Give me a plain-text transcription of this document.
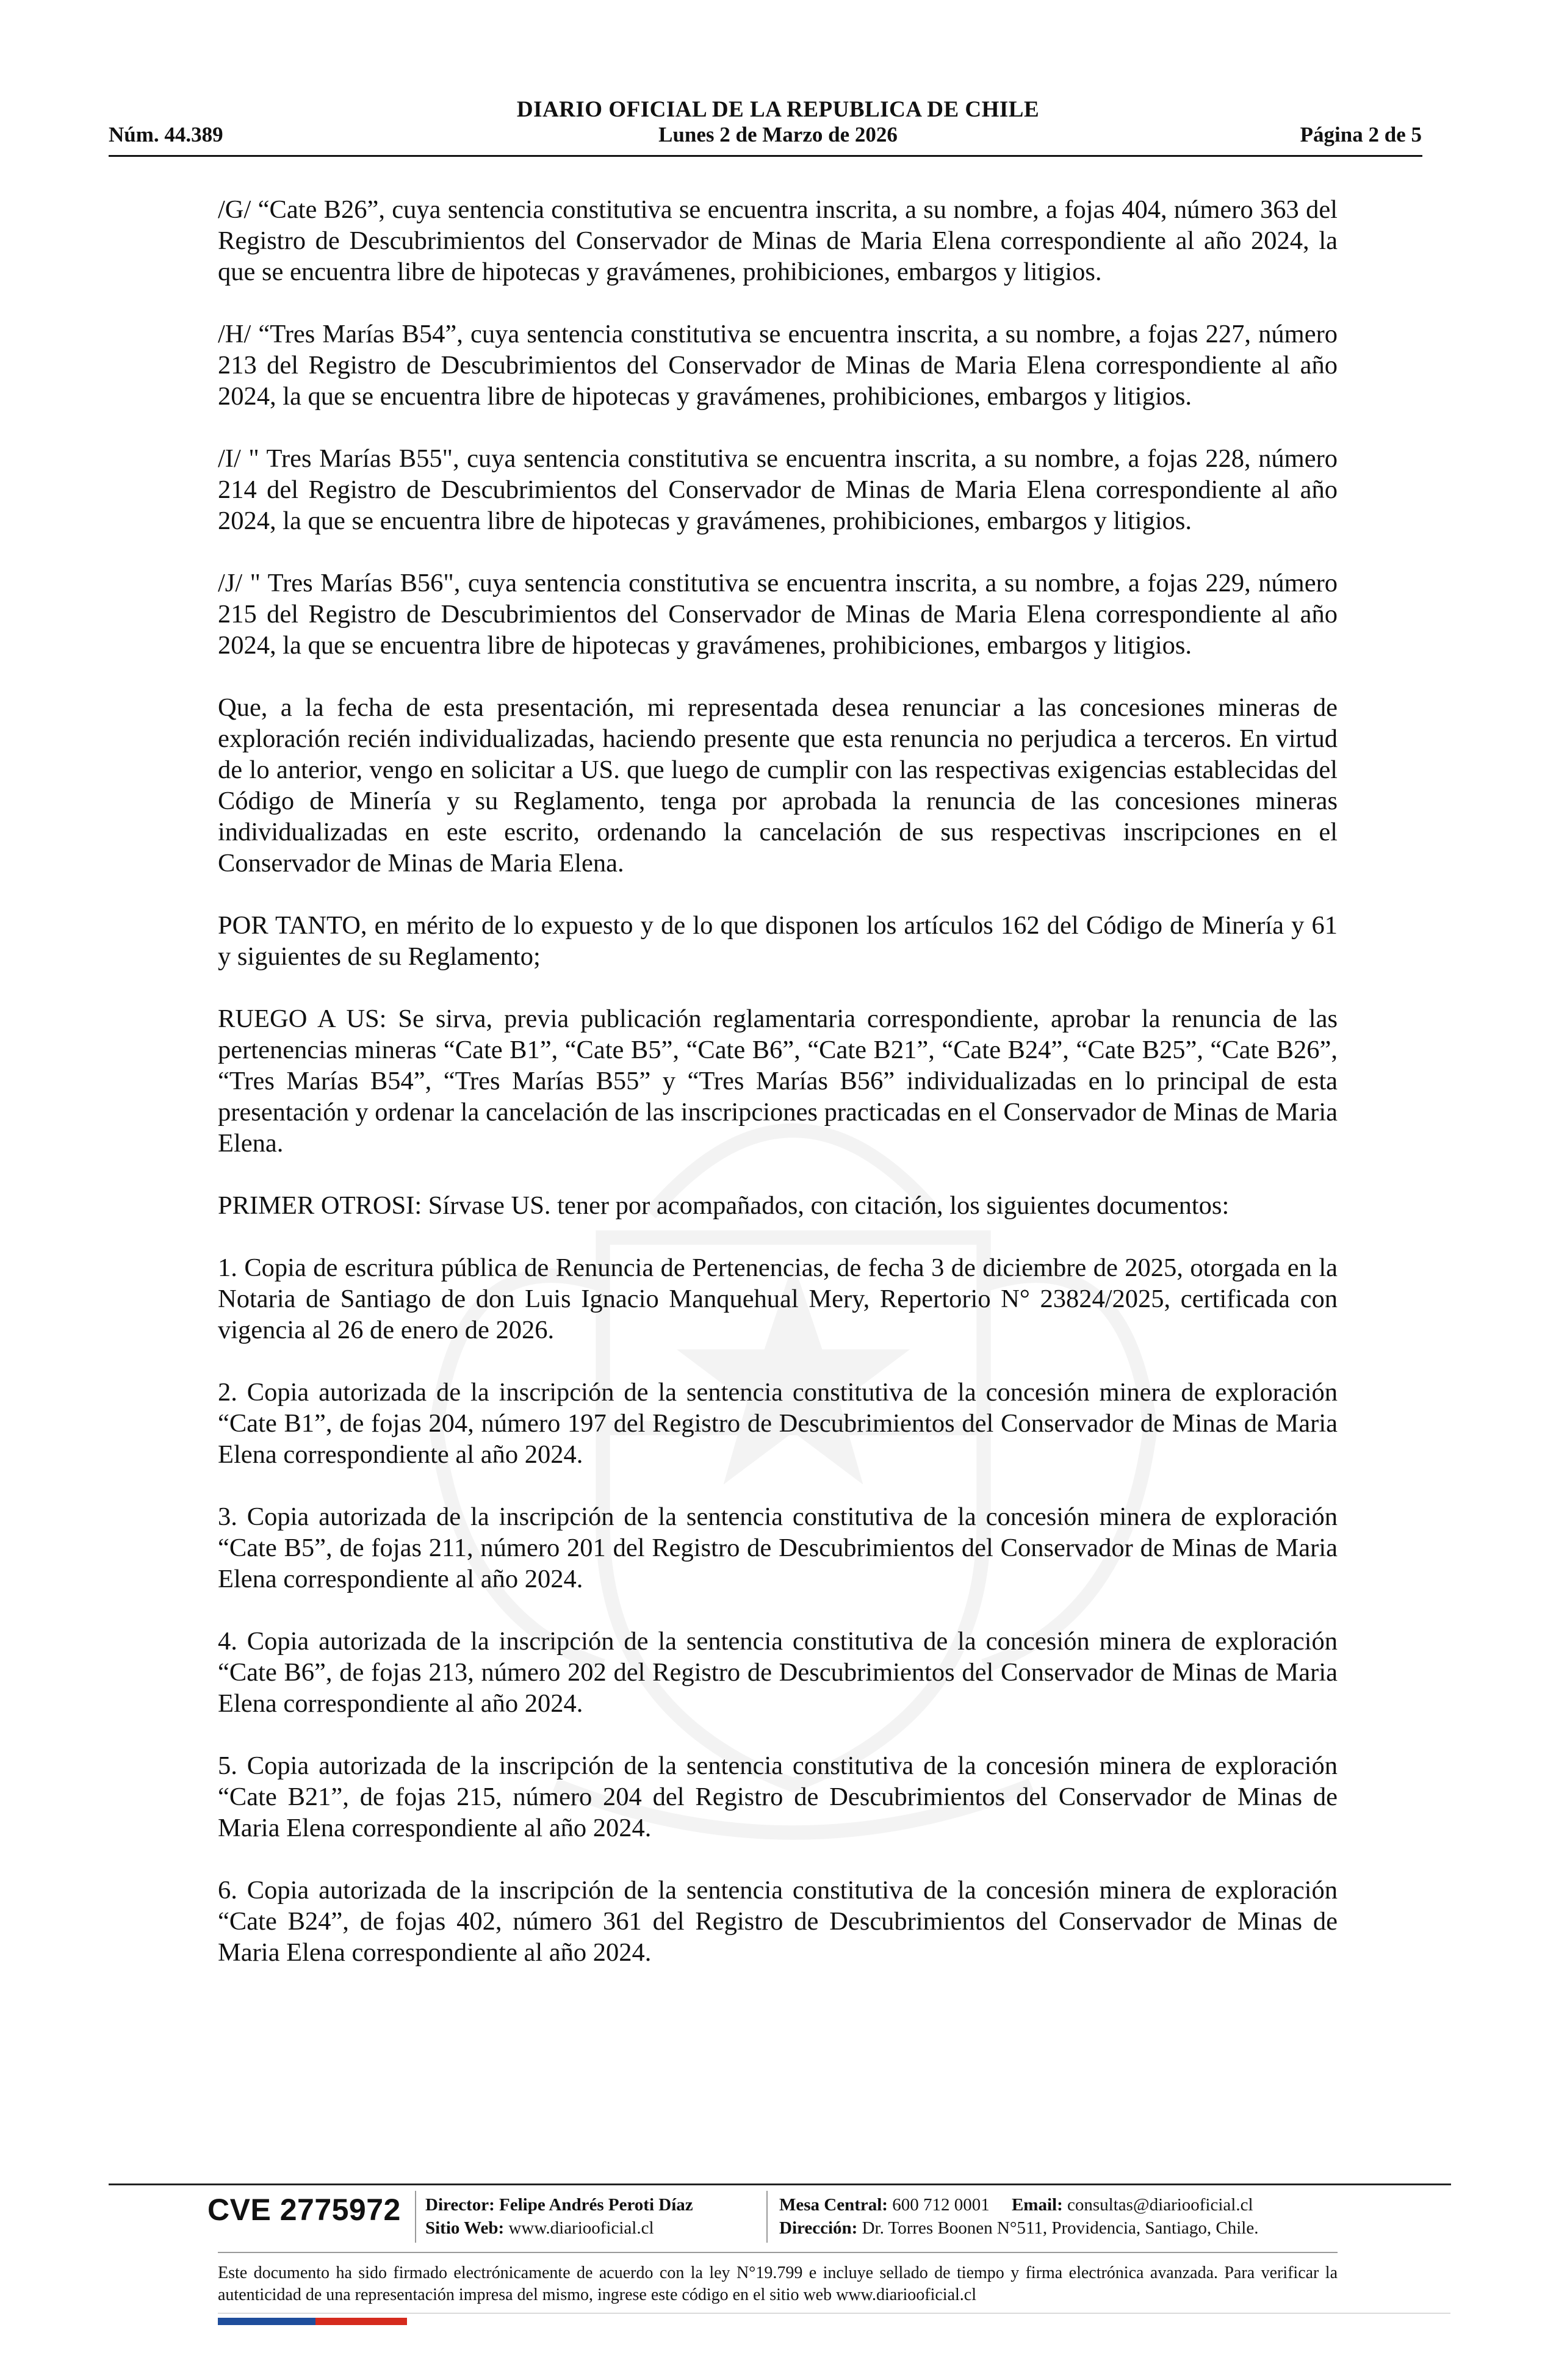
DIARIO OFICIAL DE LA REPUBLICA DE CHILE
Núm. 44.389	Lunes 2 de Marzo de 2026	Página 2 de 5

/G/ “Cate B26”, cuya sentencia constitutiva se encuentra inscrita, a su nombre, a fojas 404, número 363 del Registro de Descubrimientos del Conservador de Minas de Maria Elena correspondiente al año 2024, la que se encuentra libre de hipotecas y gravámenes, prohibiciones, embargos y litigios.

/H/ “Tres Marías B54”, cuya sentencia constitutiva se encuentra inscrita, a su nombre, a fojas 227, número 213 del Registro de Descubrimientos del Conservador de Minas de Maria Elena correspondiente al año 2024, la que se encuentra libre de hipotecas y gravámenes, prohibiciones, embargos y litigios.

/I/ " Tres Marías B55", cuya sentencia constitutiva se encuentra inscrita, a su nombre, a fojas 228, número 214 del Registro de Descubrimientos del Conservador de Minas de Maria Elena correspondiente al año 2024, la que se encuentra libre de hipotecas y gravámenes, prohibiciones, embargos y litigios.

/J/ " Tres Marías B56", cuya sentencia constitutiva se encuentra inscrita, a su nombre, a fojas 229, número 215 del Registro de Descubrimientos del Conservador de Minas de Maria Elena correspondiente al año 2024, la que se encuentra libre de hipotecas y gravámenes, prohibiciones, embargos y litigios.

Que, a la fecha de esta presentación, mi representada desea renunciar a las concesiones mineras de exploración recién individualizadas, haciendo presente que esta renuncia no perjudica a terceros. En virtud de lo anterior, vengo en solicitar a US. que luego de cumplir con las respectivas exigencias establecidas del Código de Minería y su Reglamento, tenga por aprobada la renuncia de las concesiones mineras individualizadas en este escrito, ordenando la cancelación de sus respectivas inscripciones en el Conservador de Minas de Maria Elena.

POR TANTO, en mérito de lo expuesto y de lo que disponen los artículos 162 del Código de Minería y 61 y siguientes de su Reglamento;

RUEGO A US: Se sirva, previa publicación reglamentaria correspondiente, aprobar la renuncia de las pertenencias mineras “Cate B1”, “Cate B5”, “Cate B6”, “Cate B21”, “Cate B24”, “Cate B25”, “Cate B26”, “Tres Marías B54”, “Tres Marías B55” y “Tres Marías B56” individualizadas en lo principal de esta presentación y ordenar la cancelación de las inscripciones practicadas en el Conservador de Minas de Maria Elena.

PRIMER OTROSI: Sírvase US. tener por acompañados, con citación, los siguientes documentos:

1. Copia de escritura pública de Renuncia de Pertenencias, de fecha 3 de diciembre de 2025, otorgada en la Notaria de Santiago de don Luis Ignacio Manquehual Mery, Repertorio N° 23824/2025, certificada con vigencia al 26 de enero de 2026.

2. Copia autorizada de la inscripción de la sentencia constitutiva de la concesión minera de exploración “Cate B1”, de fojas 204, número 197 del Registro de Descubrimientos del Conservador de Minas de Maria Elena correspondiente al año 2024.

3. Copia autorizada de la inscripción de la sentencia constitutiva de la concesión minera de exploración “Cate B5”, de fojas 211, número 201 del Registro de Descubrimientos del Conservador de Minas de Maria Elena correspondiente al año 2024.

4. Copia autorizada de la inscripción de la sentencia constitutiva de la concesión minera de exploración “Cate B6”, de fojas 213, número 202 del Registro de Descubrimientos del Conservador de Minas de Maria Elena correspondiente al año 2024.

5. Copia autorizada de la inscripción de la sentencia constitutiva de la concesión minera de exploración “Cate B21”, de fojas 215, número 204 del Registro de Descubrimientos del Conservador de Minas de Maria Elena correspondiente al año 2024.

6. Copia autorizada de la inscripción de la sentencia constitutiva de la concesión minera de exploración “Cate B24”, de fojas 402, número 361 del Registro de Descubrimientos del Conservador de Minas de Maria Elena correspondiente al año 2024.

CVE 2775972 Director: Felipe Andrés Peroti Díaz
Sitio Web: www.diariooficial.cl
Mesa Central: 600 712 0001 Email: consultas@diariooficial.cl
Dirección: Dr. Torres Boonen N°511, Providencia, Santiago, Chile.
Este documento ha sido firmado electrónicamente de acuerdo con la ley N°19.799 e incluye sellado de tiempo y firma electrónica avanzada. Para verificar la autenticidad de una representación impresa del mismo, ingrese este código en el sitio web www.diariooficial.cl
